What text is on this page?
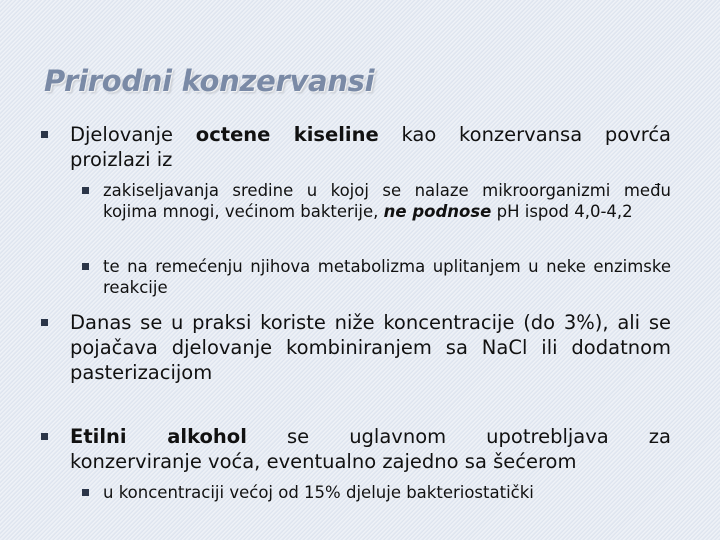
Prirodni konzervansi
Djelovanje octene kiseline kao konzervansa povrća proizlazi iz
zakiseljavanja sredine u kojoj se nalaze mikroorganizmi među kojima mnogi, većinom bakterije, ne podnose pH ispod 4,0-4,2
te na remećenju njihova metabolizma uplitanjem u neke enzimske reakcije
Danas se u praksi koriste niže koncentracije (do 3%), ali se pojačava djelovanje kombiniranjem sa NaCl ili dodatnom pasterizacijom
Etilni alkohol se uglavnom upotrebljava za
konzerviranje voća, eventualno zajedno sa šećerom
u koncentraciji većoj od 15% djeluje bakteriostatički
